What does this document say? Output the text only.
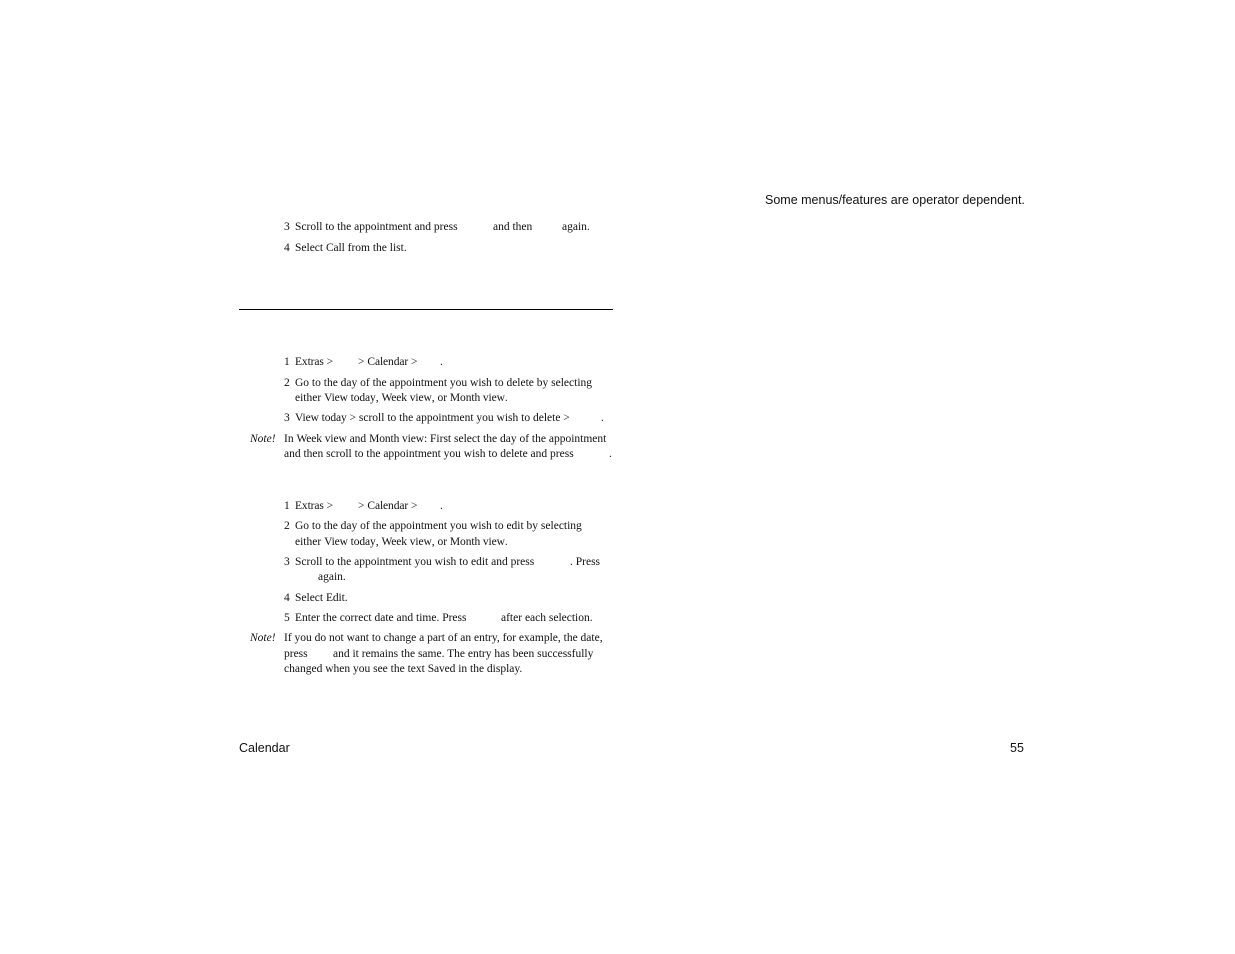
Some menus/features are operator dependent.
3 Scroll to the appointment and press	and then	again.
4 Select Call from the list.
1 Extras > > Calendar > .
2 Go to the day of the appointment you wish to delete by selecting
either View today, Week view, or Month view.
3 View today > scroll to the appointment you wish to delete >	.
Note! In Week view and Month view: First select the day of the appointment
and then scroll to the appointment you wish to delete and press	.
1 Extras > > Calendar > .
2 Go to the day of the appointment you wish to edit by selecting
either View today, Week view, or Month view.
3 Scroll to the appointment you wish to edit and press	. Press
again.
4 Select Edit.
5 Enter the correct date and time. Press	after each selection.
Note! If you do not want to change a part of an entry, for example, the date,
press and it remains the same. The entry has been successfully
changed when you see the text Saved in the display.
Calendar	55
